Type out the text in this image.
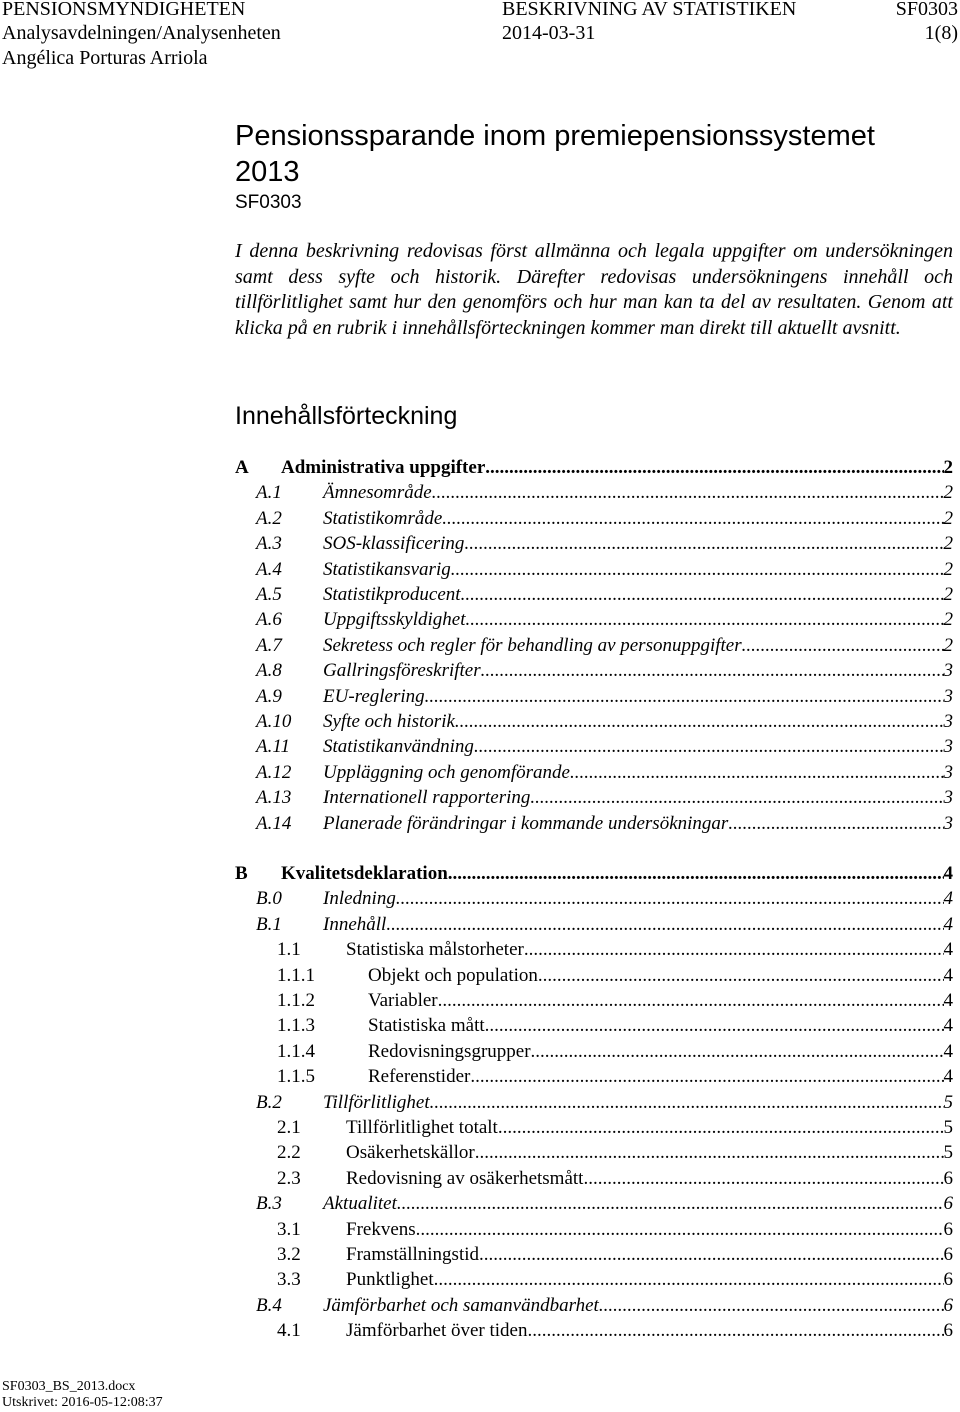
PENSIONSMYNDIGHETEN	BESKRIVNING AV STATISTIKEN	SF0303
Analysavdelningen/Analysenheten	2014-03-31	1(8)
Angélica Porturas Arriola
Pensionssparande inom premiepensionssystemet 2013
SF0303
I denna beskrivning redovisas först allmänna och legala uppgifter om undersökningen samt dess syfte och historik. Därefter redovisas undersökningens innehåll och tillförlitlighet samt hur den genomförs och hur man kan ta del av resultaten. Genom att klicka på en rubrik i innehållsförteckningen kommer man direkt till aktuellt avsnitt.
Innehållsförteckning
A	Administrativa uppgifter .....	2
A.1	Ämnesområde .....	2
A.2	Statistikområde .....	2
A.3	SOS-klassificering .....	2
A.4	Statistikansvarig .....	2
A.5	Statistikproducent .....	2
A.6	Uppgiftsskyldighet .....	2
A.7	Sekretess och regler för behandling av personuppgifter .....	2
A.8	Gallringsföreskrifter .....	3
A.9	EU-reglering .....	3
A.10	Syfte och historik .....	3
A.11	Statistikanvändning .....	3
A.12	Uppläggning och genomförande .....	3
A.13	Internationell rapportering .....	3
A.14	Planerade förändringar i kommande undersökningar .....	3
B	Kvalitetsdeklaration .....	4
B.0	Inledning .....	4
B.1	Innehåll .....	4
1.1	Statistiska målstorheter .....	4
1.1.1	Objekt och population .....	4
1.1.2	Variabler .....	4
1.1.3	Statistiska mått .....	4
1.1.4	Redovisningsgrupper .....	4
1.1.5	Referenstider .....	4
B.2	Tillförlitlighet .....	5
2.1	Tillförlitlighet totalt .....	5
2.2	Osäkerhetskällor .....	5
2.3	Redovisning av osäkerhetsmått .....	6
B.3	Aktualitet .....	6
3.1	Frekvens .....	6
3.2	Framställningstid .....	6
3.3	Punktlighet .....	6
B.4	Jämförbarhet och samanvändbarhet .....	6
4.1	Jämförbarhet över tiden .....	6
SF0303_BS_2013.docx
Utskrivet: 2016-05-12:08:37
